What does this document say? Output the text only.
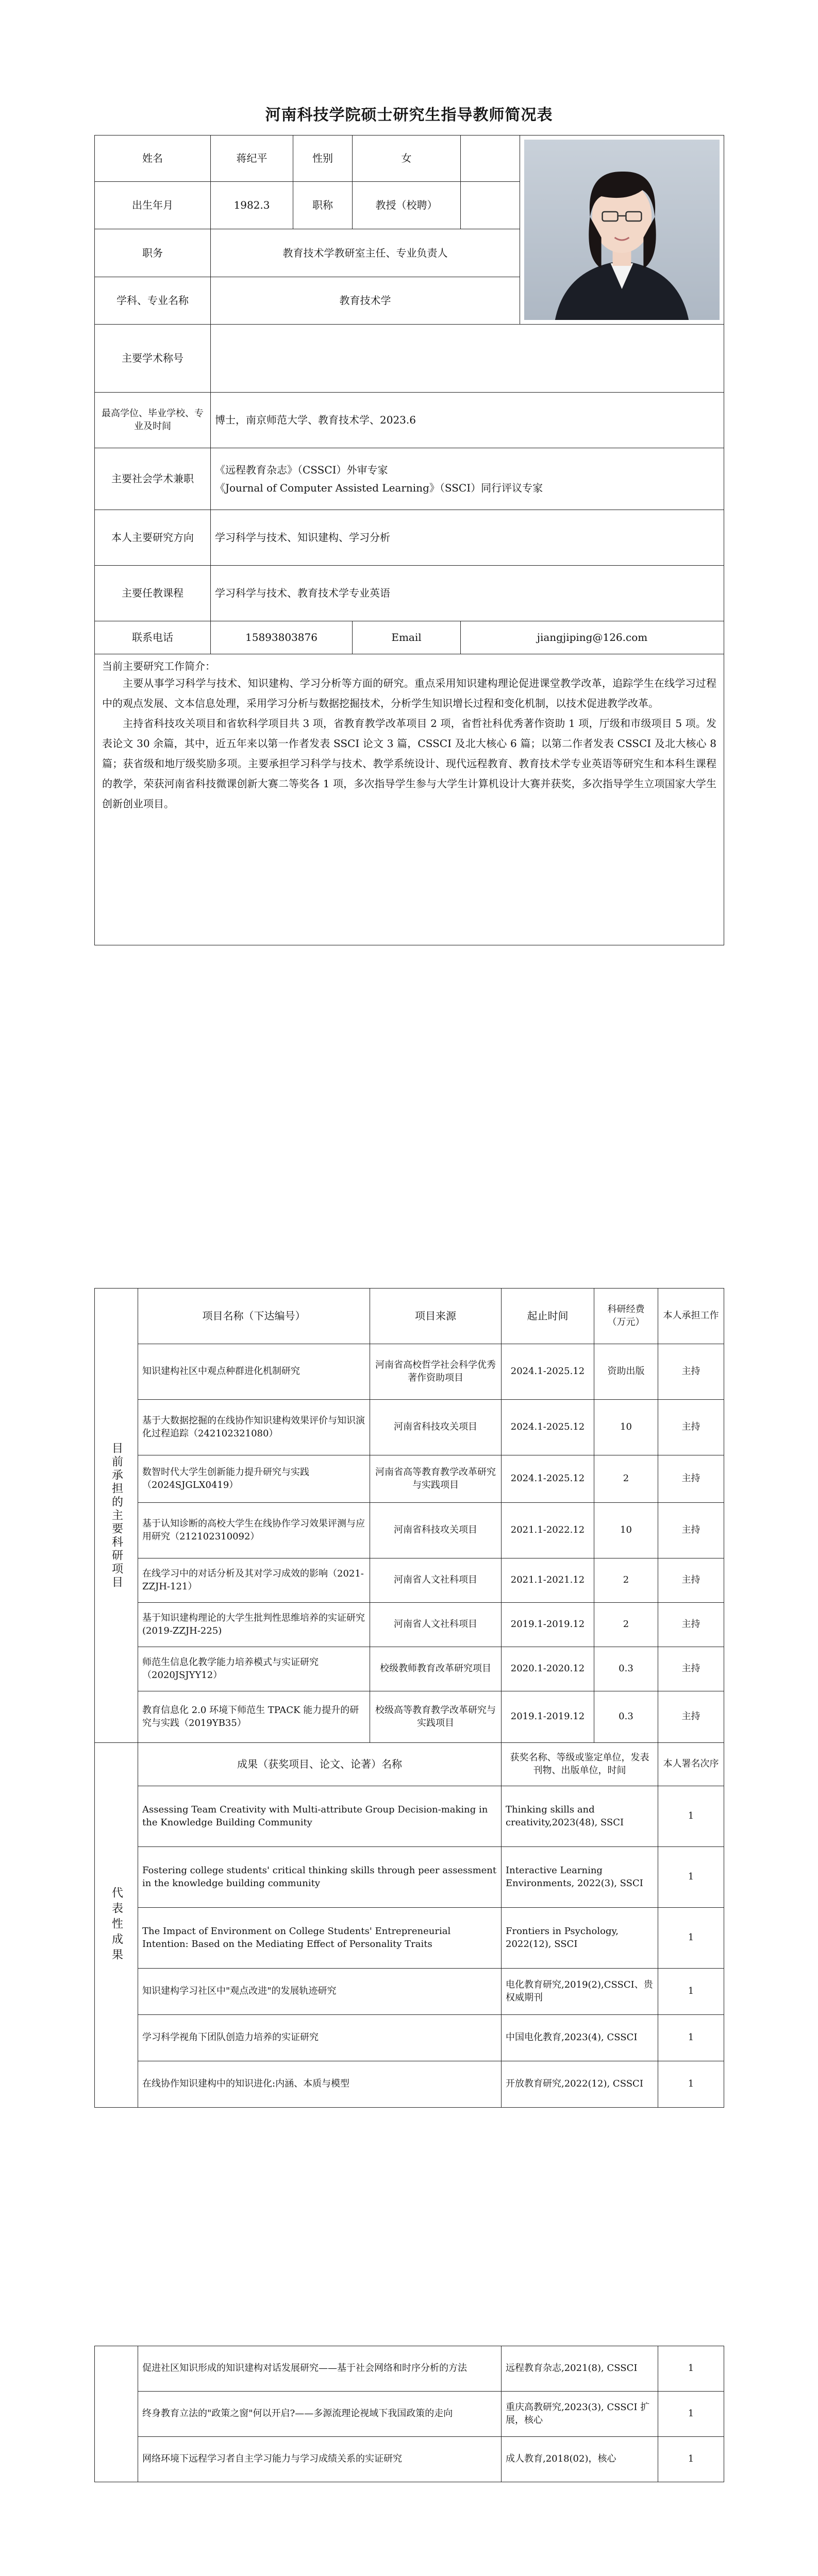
河南科技学院硕士研究生指导教师简况表
姓名	蒋纪平	性别	女		

出生年月	1982.3	职称	教授（校聘）		
职务	教育技术学教研室主任、专业负责人				
学科、专业名称	教育技术学				
主要学术称号					
最高学位、毕业学校、专业及时间	博士，南京师范大学、教育技术学、2023.6				
主要社会学术兼职	《远程教育杂志》（CSSCI）外审专家
《Journal of Computer Assisted Learning》（SSCI）同行评议专家				

本人主要研究方向	学习科学与技术、知识建构、学习分析				
主要任教课程	学习科学与技术、教育技术学专业英语				
联系电话	15893803876		Email	jiangjiping@126.com	

当前主要研究工作简介：

主要从事学习科学与技术、知识建构、学习分析等方面的研究。重点采用知识建构理论促进课堂教学改革，追踪学生在线学习过程中的观点发展、文本信息处理，采用学习分析与数据挖掘技术，分析学生知识增长过程和变化机制，以技术促进教学改革。

主持省科技攻关项目和省软科学项目共 3 项，省教育教学改革项目 2 项，省哲社科优秀著作资助 1 项，厅级和市级项目 5 项。发表论文 30 余篇，其中，近五年来以第一作者发表 SSCI 论文 3 篇，CSSCI 及北大核心 6 篇；以第二作者发表 CSSCI 及北大核心 8 篇；获省级和地厅级奖励多项。主要承担学习科学与技术、教学系统设计、现代远程教育、教育技术学专业英语等研究生和本科生课程的教学，荣获河南省科技微课创新大赛二等奖各 1 项，多次指导学生参与大学生计算机设计大赛并获奖，多次指导学生立项国家大学生创新创业项目。					

目前承担的主要科研项目	项目名称（下达编号）	项目来源	起止时间	科研经费（万元）	本人承担工作
	知识建构社区中观点种群进化机制研究	河南省高校哲学社会科学优秀著作资助项目	2024.1-2025.12	资助出版	主持
	基于大数据挖掘的在线协作知识建构效果评价与知识演化过程追踪（242102321080）	河南省科技攻关项目	2024.1-2025.12	10	主持
	数智时代大学生创新能力提升研究与实践（2024SJGLX0419）	河南省高等教育教学改革研究与实践项目	2024.1-2025.12	2	主持
	基于认知诊断的高校大学生在线协作学习效果评测与应用研究（212102310092）	河南省科技攻关项目	2021.1-2022.12	10	主持
	在线学习中的对话分析及其对学习成效的影响（2021-ZZJH-121）	河南省人文社科项目	2021.1-2021.12	2	主持
	基于知识建构理论的大学生批判性思维培养的实证研究(2019-ZZJH-225)	河南省人文社科项目	2019.1-2019.12	2	主持
	师范生信息化教学能力培养模式与实证研究（2020JSJYY12）	校级教师教育改革研究项目	2020.1-2020.12	0.3	主持
	教育信息化 2.0 环境下师范生 TPACK 能力提升的研究与实践（2019YB35）	校级高等教育教学改革研究与实践项目	2019.1-2019.12	0.3	主持
代表性成果	成果（获奖项目、论文、论著）名称		获奖名称、等级或鉴定单位，发表刊物、出版单位，时间		本人署名次序
	Assessing Team Creativity with Multi-attribute Group Decision-making in the Knowledge Building Community		Thinking skills and creativity,2023(48), SSCI		1
	Fostering college students' critical thinking skills through peer assessment in the knowledge building community		Interactive Learning Environments, 2022(3), SSCI		1
	The Impact of Environment on College Students' Entrepreneurial Intention: Based on the Mediating Effect of Personality Traits		Frontiers in Psychology, 2022(12), SSCI		1
	知识建构学习社区中"观点改进"的发展轨迹研究		电化教育研究,2019(2),CSSCI、贵权威期刊		1
	学习科学视角下团队创造力培养的实证研究		中国电化教育,2023(4), CSSCI		1
	在线协作知识建构中的知识进化:内涵、本质与模型		开放教育研究,2022(12), CSSCI		1
	促进社区知识形成的知识建构对话发展研究——基于社会网络和时序分析的方法	远程教育杂志,2021(8), CSSCI	1
	终身教育立法的"政策之窗"何以开启?——多源流理论视域下我国政策的走向	重庆高教研究,2023(3), CSSCI 扩展，核心	1
	网络环境下远程学习者自主学习能力与学习成绩关系的实证研究	成人教育,2018(02)，核心	1
